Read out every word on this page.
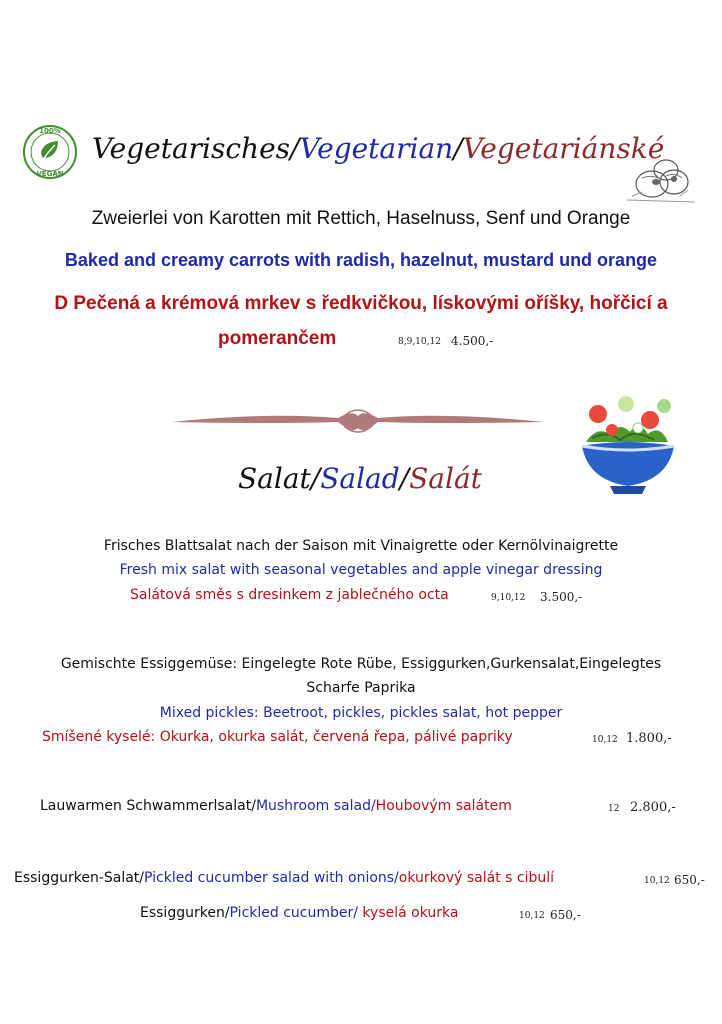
100%
VEGAN
Vegetarisches/Vegetarian/Vegetariánské
Zweierlei von Karotten mit Rettich, Haselnuss, Senf und Orange
Baked and creamy carrots with radish, hazelnut, mustard und orange
D Pečená a krémová mrkev s ředkvičkou, lískovými oříšky, hořčicí a
pomerančem	8,9,10,12 4.500,-
Salat/Salad/Salát
Frisches Blattsalat nach der Saison mit Vinaigrette oder Kernölvinaigrette
Fresh mix salat with seasonal vegetables and apple vinegar dressing
Salátová směs s dresinkem z jablečného octa	9,10,12 3.500,-
Gemischte Essiggemüse: Eingelegte Rote Rübe, Essiggurken,Gurkensalat,Eingelegtes
Scharfe Paprika
Mixed pickles: Beetroot, pickles, pickles salat, hot pepper
Smíšené kyselé: Okurka, okurka salát, červená řepa, pálivé papriky	10,12 1.800,-
Lauwarmen Schwammerlsalat/Mushroom salad/Houbovým salátem	12 2.800,-
Essiggurken-Salat/Pickled cucumber salad with onions/okurkový salát s cibulí	10,12 650,-
Essiggurken/Pickled cucumber/ kyselá okurka	10,12 650,-
